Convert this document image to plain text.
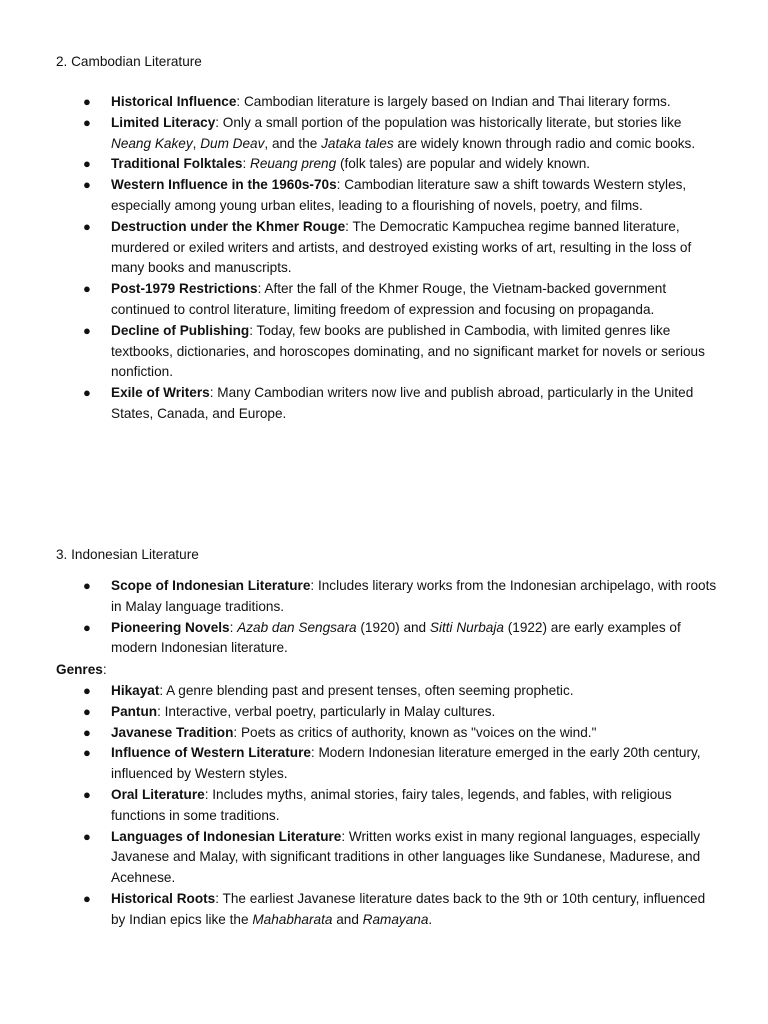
2. Cambodian Literature
● Historical Influence: Cambodian literature is largely based on Indian and Thai literary forms.
● Limited Literacy: Only a small portion of the population was historically literate, but stories like Neang Kakey, Dum Deav, and the Jataka tales are widely known through radio and comic books.
● Traditional Folktales: Reuang preng (folk tales) are popular and widely known.
● Western Influence in the 1960s-70s: Cambodian literature saw a shift towards Western styles, especially among young urban elites, leading to a flourishing of novels, poetry, and films.
● Destruction under the Khmer Rouge: The Democratic Kampuchea regime banned literature, murdered or exiled writers and artists, and destroyed existing works of art, resulting in the loss of many books and manuscripts.
● Post-1979 Restrictions: After the fall of the Khmer Rouge, the Vietnam-backed government continued to control literature, limiting freedom of expression and focusing on propaganda.
● Decline of Publishing: Today, few books are published in Cambodia, with limited genres like textbooks, dictionaries, and horoscopes dominating, and no significant market for novels or serious nonfiction.
● Exile of Writers: Many Cambodian writers now live and publish abroad, particularly in the United States, Canada, and Europe.
3. Indonesian Literature
● Scope of Indonesian Literature: Includes literary works from the Indonesian archipelago, with roots in Malay language traditions.
● Pioneering Novels: Azab dan Sengsara (1920) and Sitti Nurbaja (1922) are early examples of modern Indonesian literature.
Genres:
● Hikayat: A genre blending past and present tenses, often seeming prophetic.
● Pantun: Interactive, verbal poetry, particularly in Malay cultures.
● Javanese Tradition: Poets as critics of authority, known as "voices on the wind."
● Influence of Western Literature: Modern Indonesian literature emerged in the early 20th century, influenced by Western styles.
● Oral Literature: Includes myths, animal stories, fairy tales, legends, and fables, with religious functions in some traditions.
● Languages of Indonesian Literature: Written works exist in many regional languages, especially Javanese and Malay, with significant traditions in other languages like Sundanese, Madurese, and Acehnese.
● Historical Roots: The earliest Javanese literature dates back to the 9th or 10th century, influenced by Indian epics like the Mahabharata and Ramayana.
